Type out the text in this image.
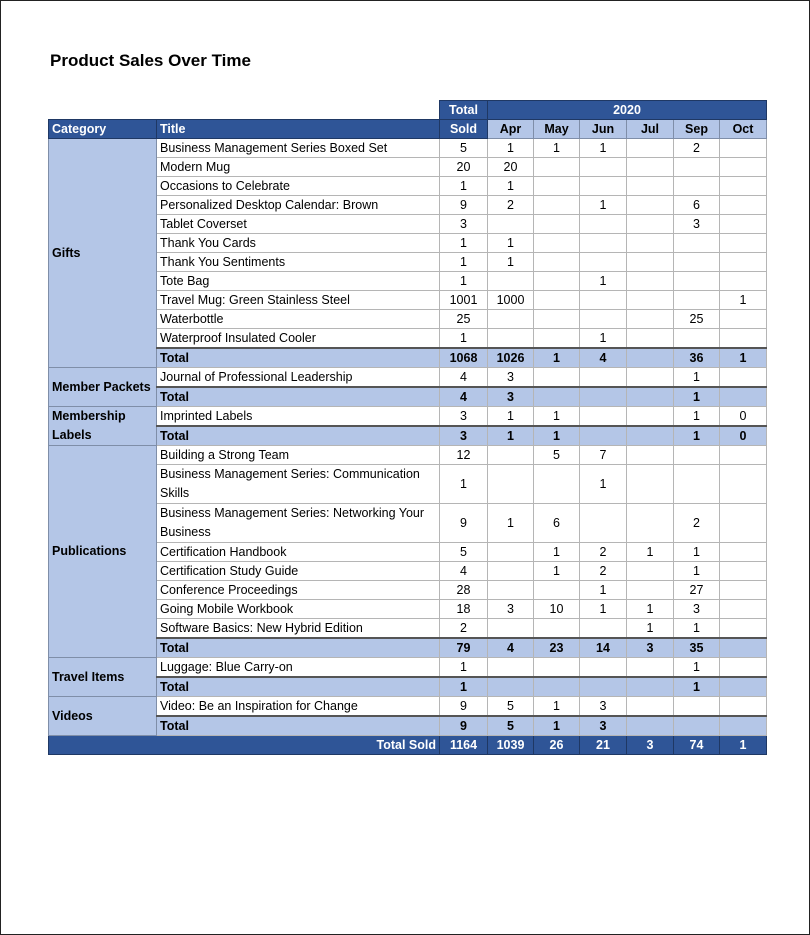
Product Sales Over Time
		Total	2020					
Category	Title	Sold	Apr	May	Jun	Jul	Sep	Oct
Gifts	Business Management Series Boxed Set	5	1	1	1		2	
	Modern Mug	20	20					
	Occasions to Celebrate	1	1					
	Personalized Desktop Calendar: Brown	9	2		1		6	
	Tablet Coverset	3					3	
	Thank You Cards	1	1					
	Thank You Sentiments	1	1					
	Tote Bag	1			1			
	Travel Mug: Green Stainless Steel	1001	1000					1
	Waterbottle	25					25	
	Waterproof Insulated Cooler	1			1			
	Total	1068	1026	1	4		36	1
Member Packets	Journal of Professional Leadership	4	3				1	
	Total	4	3				1	
Membership Labels	Imprinted Labels	3	1	1			1	0
	Total	3	1	1			1	0
Publications	Building a Strong Team	12		5	7			
	Business Management Series: Communication Skills	1			1			
	Business Management Series: Networking Your Business	9	1	6			2	
	Certification Handbook	5		1	2	1	1	
	Certification Study Guide	4		1	2		1	
	Conference Proceedings	28			1		27	
	Going Mobile Workbook	18	3	10	1	1	3	
	Software Basics: New Hybrid Edition	2				1	1	
	Total	79	4	23	14	3	35	
Travel Items	Luggage: Blue Carry-on	1					1	
	Total	1					1	
Videos	Video: Be an Inspiration for Change	9	5	1	3			
	Total	9	5	1	3			
Total Sold		1164	1039	26	21	3	74	1
